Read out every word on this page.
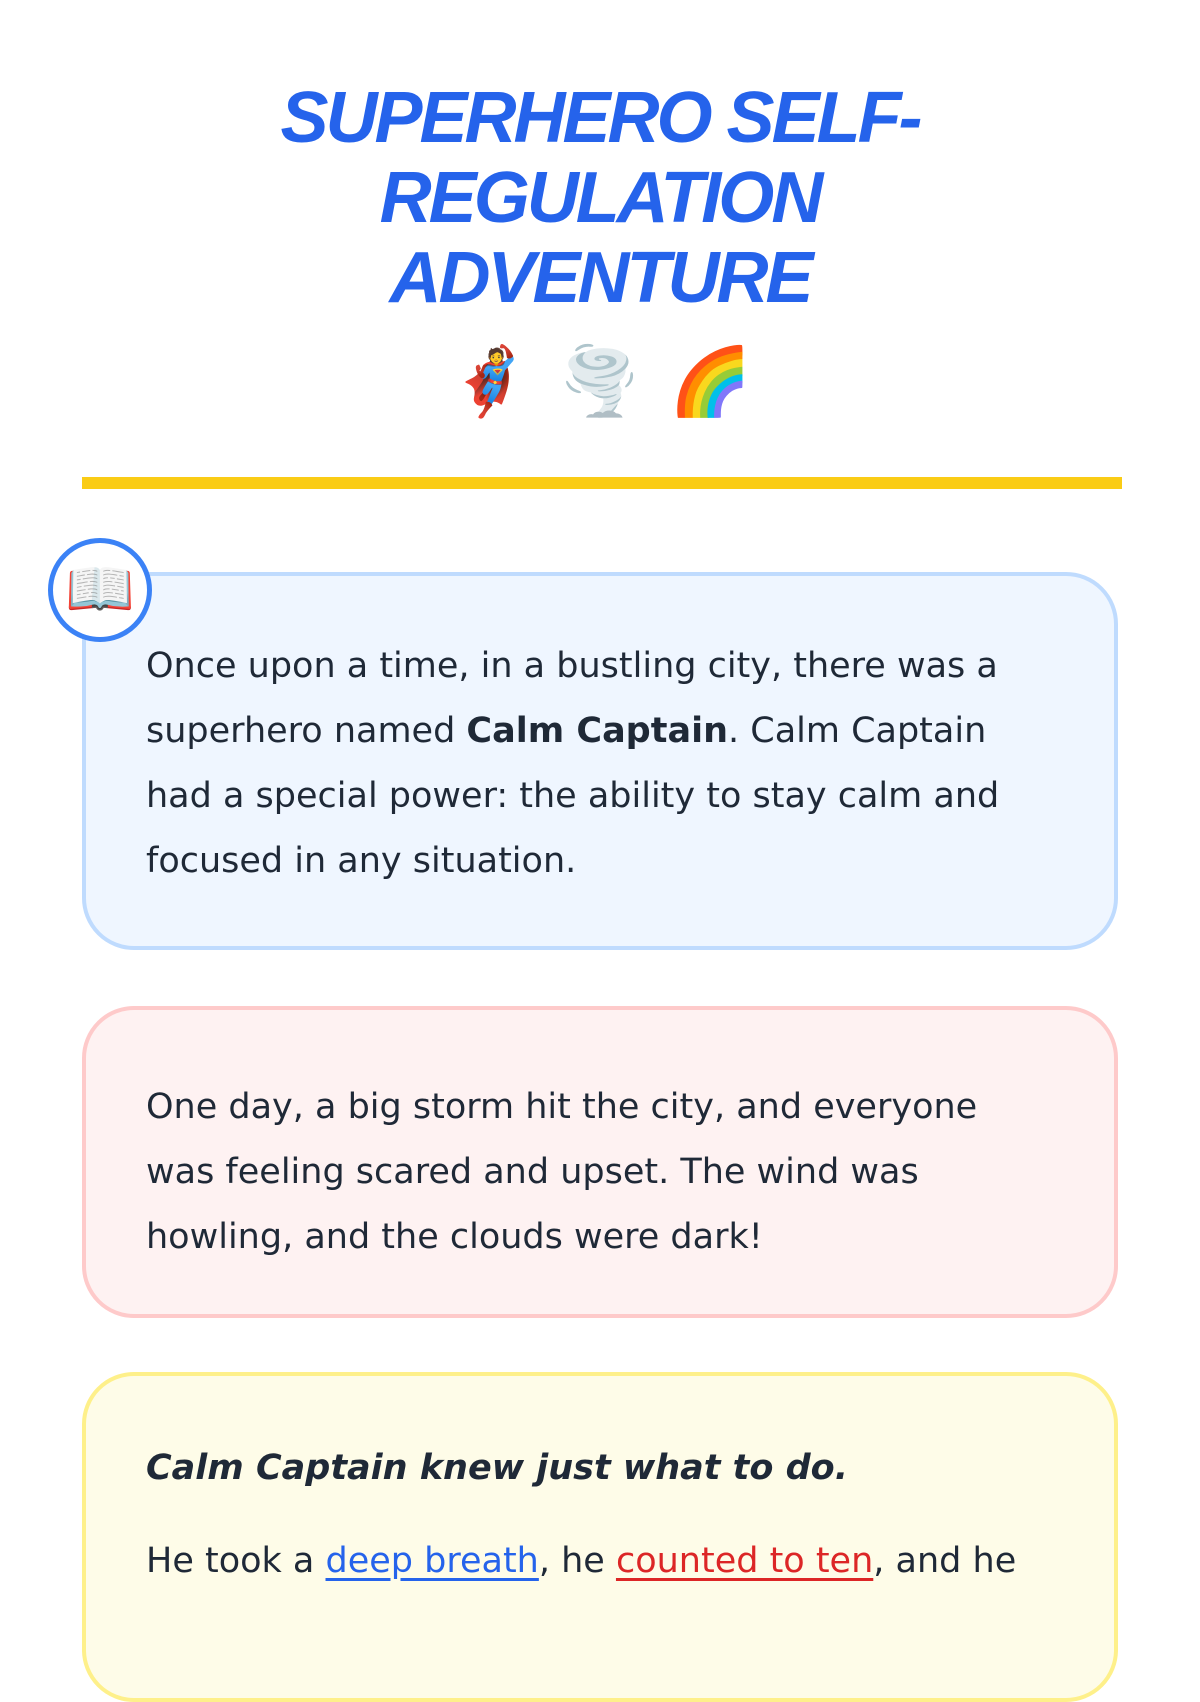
SUPERHERO SELF-
REGULATION
ADVENTURE
🦸 🌪️ 🌈

Once upon a time, in a bustling city, there was a superhero named Calm Captain. Calm Captain had a special power: the ability to stay calm and focused in any situation.

📖

One day, a big storm hit the city, and everyone was feeling scared and upset. The wind was howling, and the clouds were dark!

Calm Captain knew just what to do.

He took a deep breath, he counted to ten, and he
